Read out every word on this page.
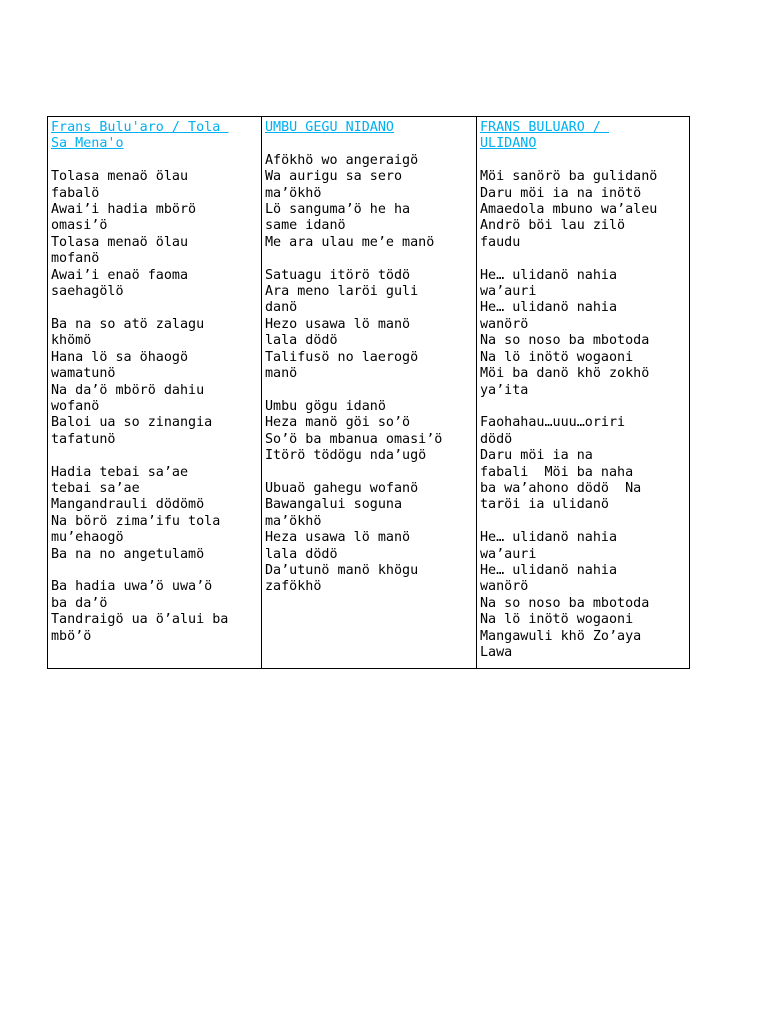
Frans Bulu'aro / Tola
Sa Mena'o

Tolasa menaö ölau
fabalö
Awai’i hadia mbörö
omasi’ö
Tolasa menaö ölau
mofanö
Awai’i enaö faoma
saehagölö

Ba na so atö zalagu
khömö
Hana lö sa öhaogö
wamatunö
Na da’ö mbörö dahiu
wofanö
Baloi ua so zinangia
tafatunö

Hadia tebai sa’ae
tebai sa’ae
Mangandrauli dödömö
Na börö zima’ifu tola
mu’ehaogö
Ba na no angetulamö

Ba hadia uwa’ö uwa’ö
ba da’ö
Tandraigö ua ö’alui ba
mbö’ö
UMBU GEGU NIDANO

Afökhö wo angeraigö
Wa aurigu sa sero
ma’ökhö
Lö sanguma’ö he ha
same idanö
Me ara ulau me’e manö

Satuagu itörö tödö
Ara meno laröi guli
danö
Hezo usawa lö manö
lala dödö
Talifusö no laerogö
manö

Umbu gögu idanö
Heza manö göi so’ö
So’ö ba mbanua omasi’ö
Itörö tödögu nda’ugö

Ubuaö gahegu wofanö
Bawangalui soguna
ma’ökhö
Heza usawa lö manö
lala dödö
Da’utunö manö khögu
zafökhö
FRANS BULUARO /
ULIDANO

Möi sanörö ba gulidanö
Daru möi ia na inötö
Amaedola mbuno wa’aleu
Andrö böi lau zilö
faudu

He… ulidanö nahia
wa’auri
He… ulidanö nahia
wanörö
Na so noso ba mbotoda
Na lö inötö wogaoni
Möi ba danö khö zokhö
ya’ita

Faohahau…uuu…oriri
dödö
Daru möi ia na
fabali  Möi ba naha
ba wa’ahono dödö  Na
taröi ia ulidanö

He… ulidanö nahia
wa’auri
He… ulidanö nahia
wanörö
Na so noso ba mbotoda
Na lö inötö wogaoni
Mangawuli khö Zo’aya
Lawa
